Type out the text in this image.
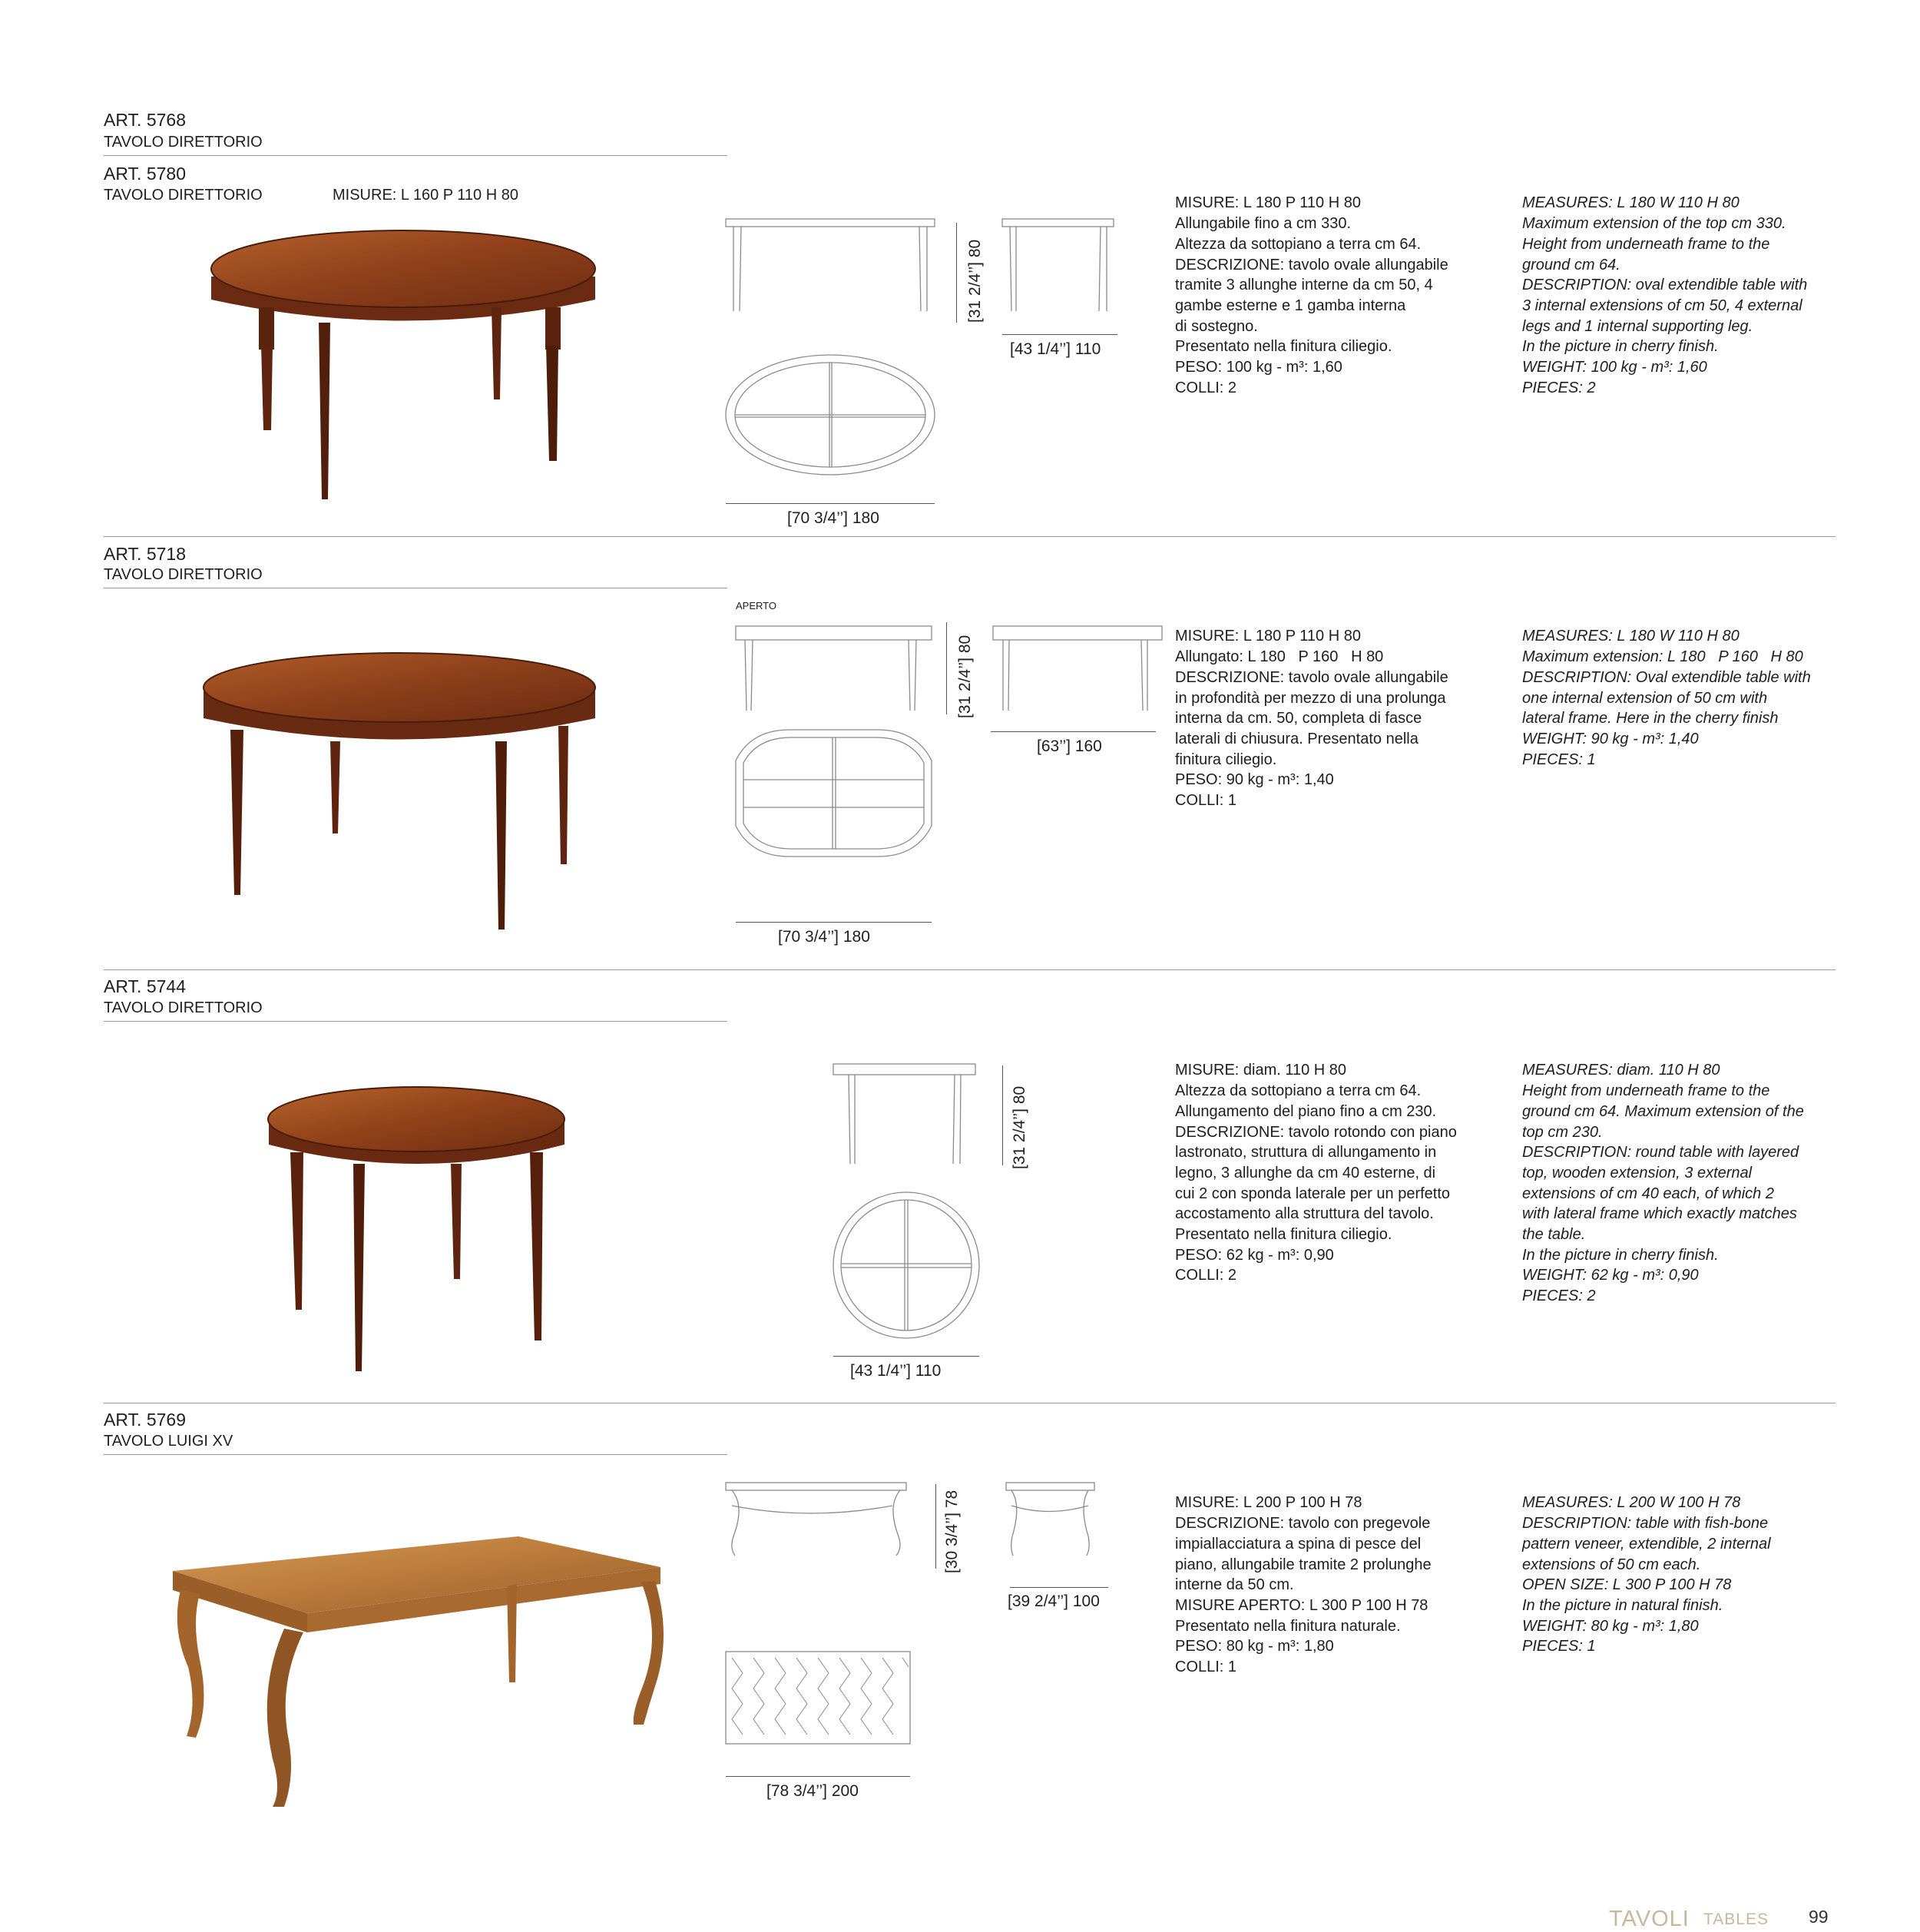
ART. 5768
TAVOLO DIRETTORIO
ART. 5780
TAVOLO DIRETTORIO	MISURE: L 160 P 110 H 80
[31 2/4’’] 80
[43 1/4’’] 110
[70 3/4’’] 180

MISURE: L 180 P 110 H 80
Allungabile fino a cm 330.
Altezza da sottopiano a terra cm 64.
DESCRIZIONE: tavolo ovale allungabile
tramite 3 allunghe interne da cm 50, 4
gambe esterne e 1 gamba interna
di sostegno.
Presentato nella finitura ciliegio.
PESO: 100 kg - m³: 1,60
COLLI: 2

MEASURES: L 180 W 110 H 80
Maximum extension of the top cm 330.
Height from underneath frame to the
ground cm 64.
DESCRIPTION: oval extendible table with
3 internal extensions of cm 50, 4 external
legs and 1 internal supporting leg.
In the picture in cherry finish.
WEIGHT: 100 kg - m³: 1,60
PIECES: 2

ART. 5718
TAVOLO DIRETTORIO
APERTO
[31 2/4’’] 80
[63’’] 160
[70 3/4’’] 180

MISURE: L 180 P 110 H 80
Allungato: L 180   P 160   H 80
DESCRIZIONE: tavolo ovale allungabile
in profondità per mezzo di una prolunga
interna da cm. 50, completa di fasce
laterali di chiusura. Presentato nella
finitura ciliegio.
PESO: 90 kg - m³: 1,40
COLLI: 1

MEASURES: L 180 W 110 H 80
Maximum extension: L 180   P 160   H 80
DESCRIPTION: Oval extendible table with
one internal extension of 50 cm with
lateral frame. Here in the cherry finish
WEIGHT: 90 kg - m³: 1,40
PIECES: 1

ART. 5744
TAVOLO DIRETTORIO
[31 2/4’’] 80
[43 1/4’’] 110

MISURE: diam. 110 H 80
Altezza da sottopiano a terra cm 64.
Allungamento del piano fino a cm 230.
DESCRIZIONE: tavolo rotondo con piano
lastronato, struttura di allungamento in
legno, 3 allunghe da cm 40 esterne, di
cui 2 con sponda laterale per un perfetto
accostamento alla struttura del tavolo.
Presentato nella finitura ciliegio.
PESO: 62 kg - m³: 0,90
COLLI: 2

MEASURES: diam. 110 H 80
Height from underneath frame to the
ground cm 64. Maximum extension of the
top cm 230.
DESCRIPTION: round table with layered
top, wooden extension, 3 external
extensions of cm 40 each, of which 2
with lateral frame which exactly matches
the table.
In the picture in cherry finish.
WEIGHT: 62 kg - m³: 0,90
PIECES: 2

ART. 5769
TAVOLO LUIGI XV
[30 3/4’’] 78
[39 2/4’’] 100
[78 3/4’’] 200

MISURE: L 200 P 100 H 78
DESCRIZIONE: tavolo con pregevole
impiallacciatura a spina di pesce del
piano, allungabile tramite 2 prolunghe
interne da 50 cm.
MISURE APERTO: L 300 P 100 H 78
Presentato nella finitura naturale.
PESO: 80 kg - m³: 1,80
COLLI: 1

MEASURES: L 200 W 100 H 78
DESCRIPTION: table with fish-bone
pattern veneer, extendible, 2 internal
extensions of 50 cm each.
OPEN SIZE: L 300 P 100 H 78
In the picture in natural finish.
WEIGHT: 80 kg - m³: 1,80
PIECES: 1

TAVOLI TABLES 99
